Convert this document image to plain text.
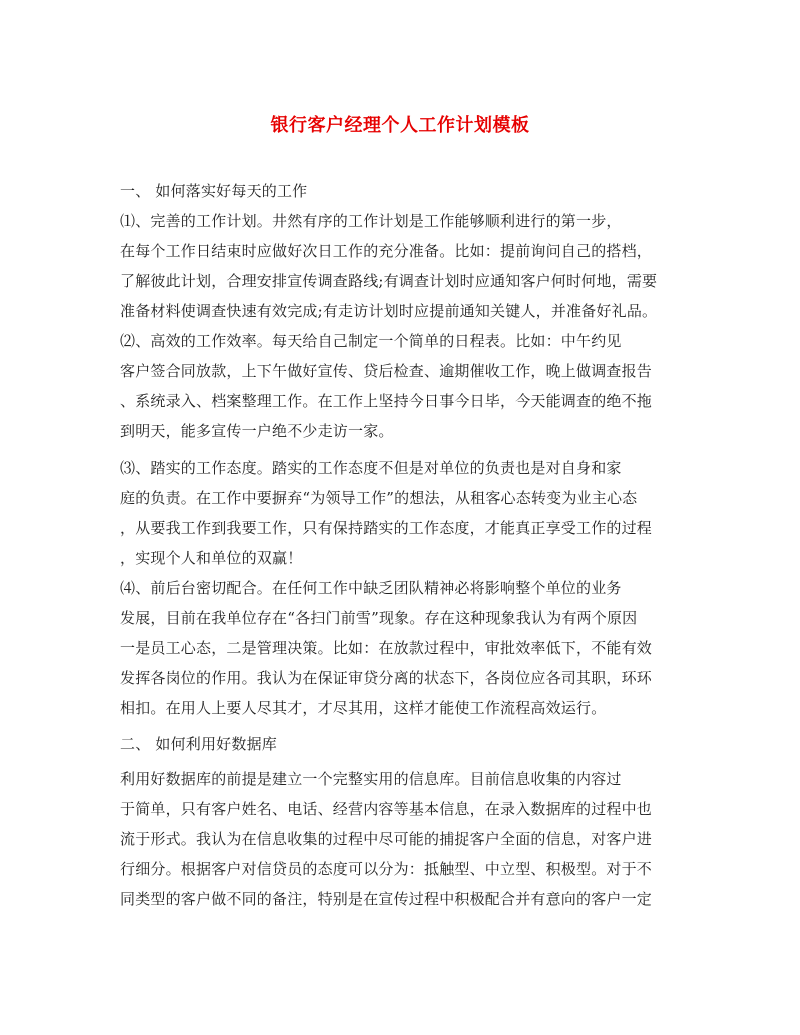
银行客户经理个人工作计划模板
一、 如何落实好每天的工作
⑴、完善的工作计划。井然有序的工作计划是工作能够顺利进行的第一步，
在每个工作日结束时应做好次日工作的充分准备。比如：提前询问自己的搭档，
了解彼此计划，合理安排宣传调查路线;有调查计划时应通知客户何时何地，需要
准备材料使调查快速有效完成;有走访计划时应提前通知关键人，并准备好礼品。
⑵、高效的工作效率。每天给自己制定一个简单的日程表。比如：中午约见
客户签合同放款，上下午做好宣传、贷后检查、逾期催收工作，晚上做调查报告
、系统录入、档案整理工作。在工作上坚持今日事今日毕，今天能调查的绝不拖
到明天，能多宣传一户绝不少走访一家。
⑶、踏实的工作态度。踏实的工作态度不但是对单位的负责也是对自身和家
庭的负责。在工作中要摒弃“为领导工作”的想法，从租客心态转变为业主心态
，从要我工作到我要工作，只有保持踏实的工作态度，才能真正享受工作的过程
，实现个人和单位的双赢！
⑷、前后台密切配合。在任何工作中缺乏团队精神必将影响整个单位的业务
发展，目前在我单位存在“各扫门前雪”现象。存在这种现象我认为有两个原因
一是员工心态，二是管理决策。比如：在放款过程中，审批效率低下，不能有效
发挥各岗位的作用。我认为在保证审贷分离的状态下，各岗位应各司其职，环环
相扣。在用人上要人尽其才，才尽其用，这样才能使工作流程高效运行。
二、 如何利用好数据库
利用好数据库的前提是建立一个完整实用的信息库。目前信息收集的内容过
于简单，只有客户姓名、电话、经营内容等基本信息，在录入数据库的过程中也
流于形式。我认为在信息收集的过程中尽可能的捕捉客户全面的信息，对客户进
行细分。根据客户对信贷员的态度可以分为：抵触型、中立型、积极型。对于不
同类型的客户做不同的备注，特别是在宣传过程中积极配合并有意向的客户一定
